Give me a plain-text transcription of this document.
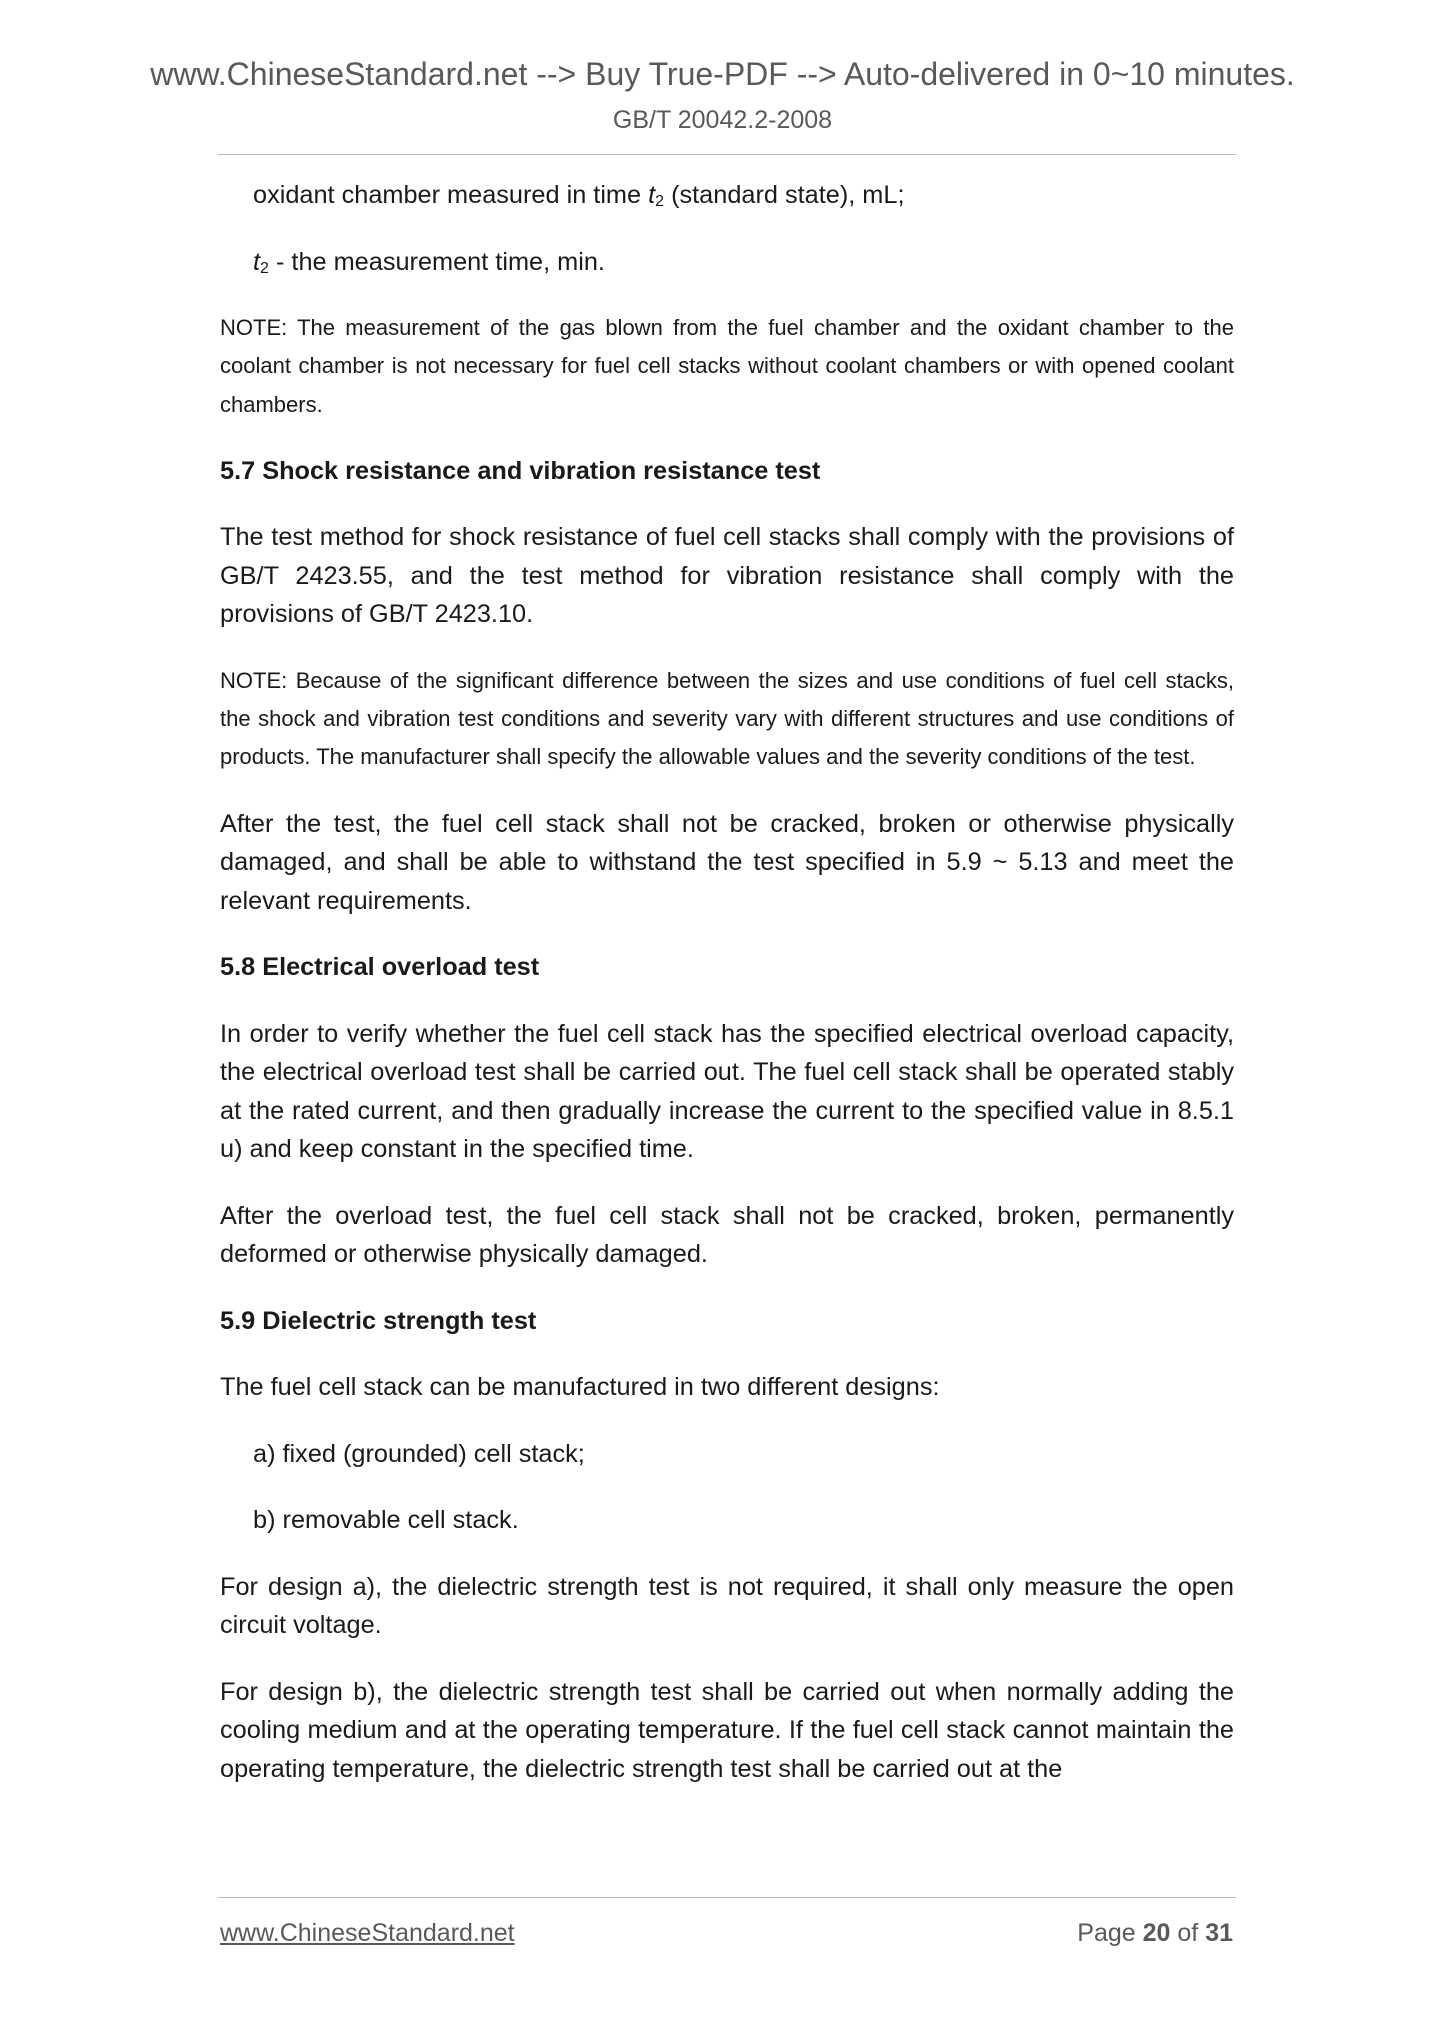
www.ChineseStandard.net --> Buy True-PDF --> Auto-delivered in 0~10 minutes.
GB/T 20042.2-2008

oxidant chamber measured in time $t_2$ (standard state), mL;

$t_2$ - the measurement time, min.

NOTE: The measurement of the gas blown from the fuel chamber and the oxidant chamber to the coolant chamber is not necessary for fuel cell stacks without coolant chambers or with opened coolant chambers.

5.7 Shock resistance and vibration resistance test

The test method for shock resistance of fuel cell stacks shall comply with the provisions of GB/T 2423.55, and the test method for vibration resistance shall comply with the provisions of GB/T 2423.10.

NOTE: Because of the significant difference between the sizes and use conditions of fuel cell stacks, the shock and vibration test conditions and severity vary with different structures and use conditions of products. The manufacturer shall specify the allowable values and the severity conditions of the test.

After the test, the fuel cell stack shall not be cracked, broken or otherwise physically damaged, and shall be able to withstand the test specified in 5.9 ~ 5.13 and meet the relevant requirements.

5.8 Electrical overload test

In order to verify whether the fuel cell stack has the specified electrical overload capacity, the electrical overload test shall be carried out. The fuel cell stack shall be operated stably at the rated current, and then gradually increase the current to the specified value in 8.5.1 u) and keep constant in the specified time.

After the overload test, the fuel cell stack shall not be cracked, broken, permanently deformed or otherwise physically damaged.

5.9 Dielectric strength test

The fuel cell stack can be manufactured in two different designs:

a) fixed (grounded) cell stack;

b) removable cell stack.

For design a), the dielectric strength test is not required, it shall only measure the open circuit voltage.

For design b), the dielectric strength test shall be carried out when normally adding the cooling medium and at the operating temperature. If the fuel cell stack cannot maintain the operating temperature, the dielectric strength test shall be carried out at the

www.ChineseStandard.net	Page 20 of 31
